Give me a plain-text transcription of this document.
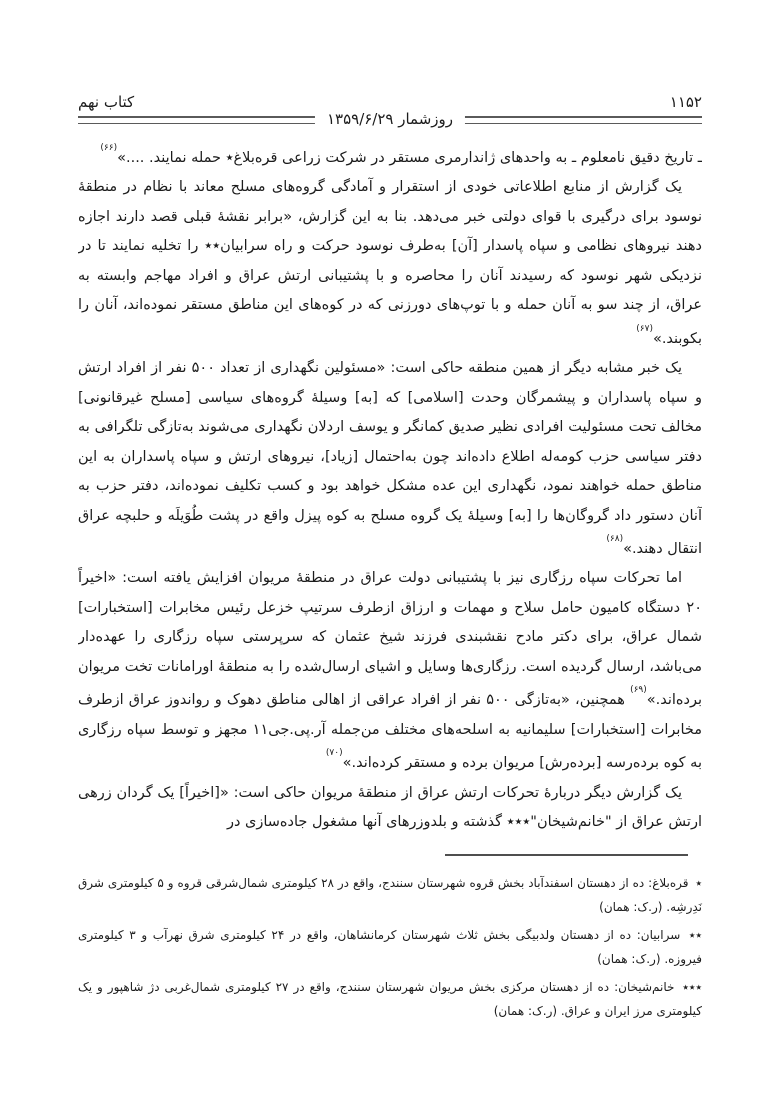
۱۱۵۲
کتاب نهم
روزشمار ۱۳۵۹/۶/۲۹

ـ تاریخ دقیق نامعلوم ـ به واحدهای ژاندارمری مستقر در شرکت زراعی قره‌بلاغ٭ حمله نمایند. ....»$^{(۶۶)}$

یک گزارش از منابع اطلاعاتی خودی از استقرار و آمادگی گروه‌های مسلح معاند با نظام در منطقهٔ نوسود برای درگیری با قوای دولتی خبر می‌دهد. بنا به این گزارش، «برابر نقشهٔ قبلی قصد دارند اجازه دهند نیروهای نظامی و سپاه پاسدار [آن] به‌طرف نوسود حرکت و راه سرابیان٭٭ را تخلیه نمایند تا در نزدیکی شهر نوسود که رسیدند آنان را محاصره و با پشتیبانی ارتش عراق و افراد مهاجم وابسته به عراق، از چند سو به آنان حمله و با توپ‌های دورزنی که در کوه‌های این مناطق مستقر نموده‌اند، آنان را بکوبند.»$^{(۶۷)}$

یک خبر مشابه دیگر از همین منطقه حاکی است: «مسئولین نگهداری از تعداد ۵۰۰ نفر از افراد ارتش و سپاه پاسداران و پیشمرگان وحدت [اسلامی] که [به] وسیلهٔ گروه‌های سیاسی [مسلح غیرقانونی] مخالف تحت مسئولیت افرادی نظیر صدیق کمانگر و یوسف اردلان نگهداری می‌شوند به‌تازگی تلگرافی به دفتر سیاسی حزب کومه‌له اطلاع داده‌اند چون به‌احتمال [زیاد]، نیروهای ارتش و سپاه پاسداران به این مناطق حمله خواهند نمود، نگهداری این عده مشکل خواهد بود و کسب تکلیف نموده‌اند، دفتر حزب به آنان دستور داد گروگان‌ها را [به] وسیلهٔ یک گروه مسلح به کوه پیزل واقع در پشت طُوَیلَه و حلبچه عراق انتقال دهند.»$^{(۶۸)}$

اما تحرکات سپاه رزگاری نیز با پشتیبانی دولت عراق در منطقهٔ مریوان افزایش یافته است: «اخیراً ۲۰ دستگاه کامیون حامل سلاح و مهمات و ارزاق ازطرف سرتیپ خزعل رئیس مخابرات [استخبارات] شمال عراق، برای دکتر مادح نقشبندی فرزند شیخ عثمان که سرپرستی سپاه رزگاری را عهده‌دار می‌باشد، ارسال گردیده است. رزگاری‌ها وسایل و اشیای ارسال‌شده را به منطقهٔ اورامانات تخت مریوان برده‌اند.»$^{(۶۹)}$ همچنین، «به‌تازگی ۵۰۰ نفر از افراد عراقی از اهالی مناطق دهوک و رواندوز عراق ازطرف مخابرات [استخبارات] سلیمانیه به اسلحه‌های مختلف من‌جمله آر.پی.جی۱۱ مجهز و توسط سپاه رزگاری به کوه برده‌رسه [برده‌رش] مریوان برده و مستقر کرده‌اند.»$^{(۷۰)}$

یک گزارش دیگر دربارهٔ تحرکات ارتش عراق از منطقهٔ مریوان حاکی است: «[اخیراً] یک گردان زرهی ارتش عراق از "خانم‌شیخان"٭٭٭ گذشته و بلدوزرهای آنها مشغول جاده‌سازی در

٭ قره‌بلاغ: ده از دهستان اسفندآباد بخش قروه شهرستان سنندج، واقع در ۲۸ کیلومتری شمال‌شرقی قروه و ۵ کیلومتری شرق نَدِرشِه. (ر.ک: همان)

٭٭ سرابیان: ده از دهستان ولدبیگی بخش ثلاث شهرستان کرمانشاهان، واقع در ۲۴ کیلومتری شرق نهرآب و ۳ کیلومتری فیروزه. (ر.ک: همان)

٭٭٭ خانم‌شیخان: ده از دهستان مرکزی بخش مریوان شهرستان سنندج، واقع در ۲۷ کیلومتری شمال‌غربی دژ شاهپور و یک کیلومتری مرز ایران و عراق. (ر.ک: همان)
